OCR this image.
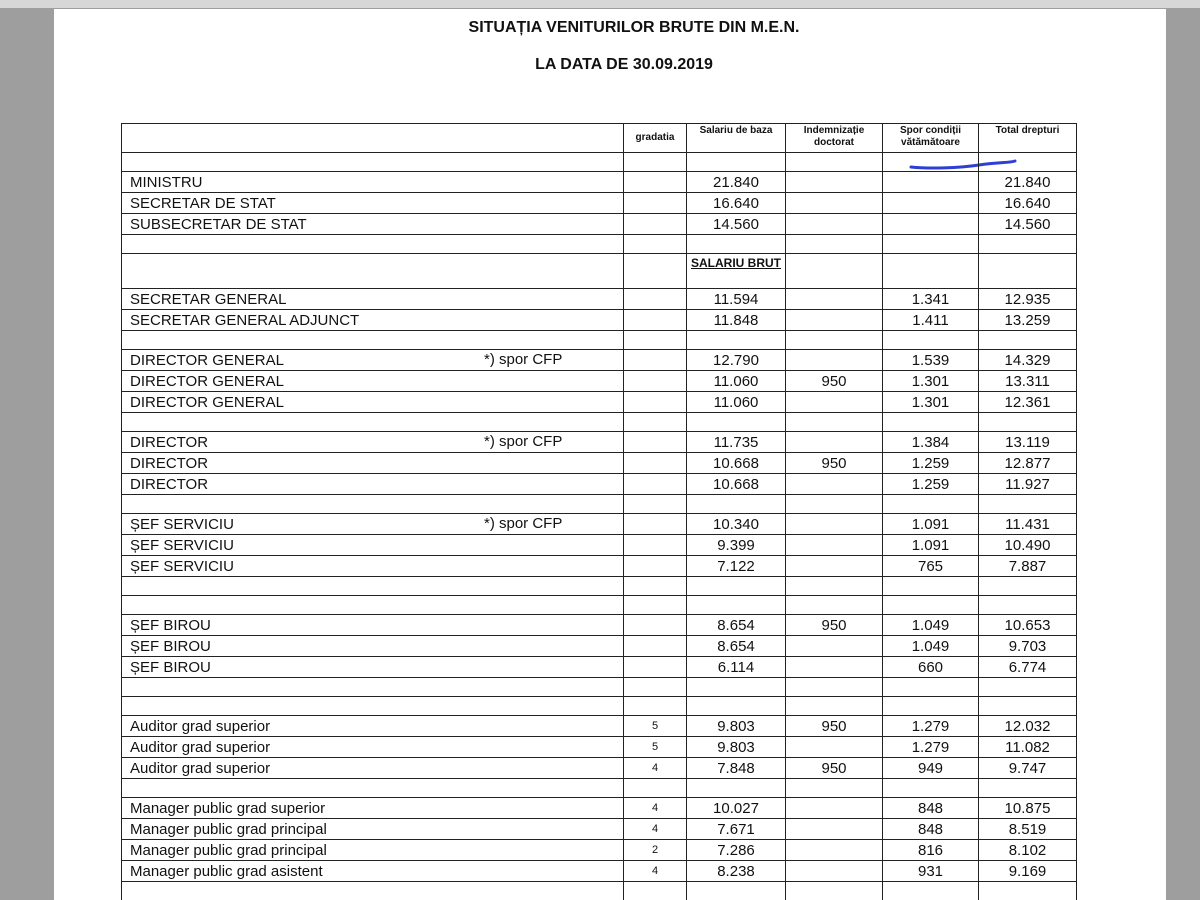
SITUAȚIA VENITURILOR BRUTE DIN M.E.N.
LA DATA DE 30.09.2019
	gradatia	Salariu de baza	Indemnizație doctorat	Spor condiții vătămătoare	Total drepturi

MINISTRU		21.840			21.840
SECRETAR DE STAT		16.640			16.640
SUBSECRETAR DE STAT		14.560			14.560

		SALARIU BRUT			
SECRETAR GENERAL		11.594		1.341	12.935
SECRETAR GENERAL ADJUNCT		11.848		1.411	13.259

DIRECTOR GENERAL *) spor CFP		12.790		1.539	14.329
DIRECTOR GENERAL		11.060	950	1.301	13.311
DIRECTOR GENERAL		11.060		1.301	12.361

DIRECTOR *) spor CFP		11.735		1.384	13.119
DIRECTOR		10.668	950	1.259	12.877
DIRECTOR		10.668		1.259	11.927

ȘEF SERVICIU *) spor CFP		10.340		1.091	11.431
ȘEF SERVICIU		9.399		1.091	10.490
ȘEF SERVICIU		7.122		765	7.887

ȘEF BIROU		8.654	950	1.049	10.653
ȘEF BIROU		8.654		1.049	9.703
ȘEF BIROU		6.114		660	6.774

Auditor grad superior	5	9.803	950	1.279	12.032
Auditor grad superior	5	9.803		1.279	11.082
Auditor grad superior	4	7.848	950	949	9.747

Manager public grad superior	4	10.027		848	10.875
Manager public grad principal	4	7.671		848	8.519
Manager public grad principal	2	7.286		816	8.102
Manager public grad asistent	4	8.238		931	9.169
